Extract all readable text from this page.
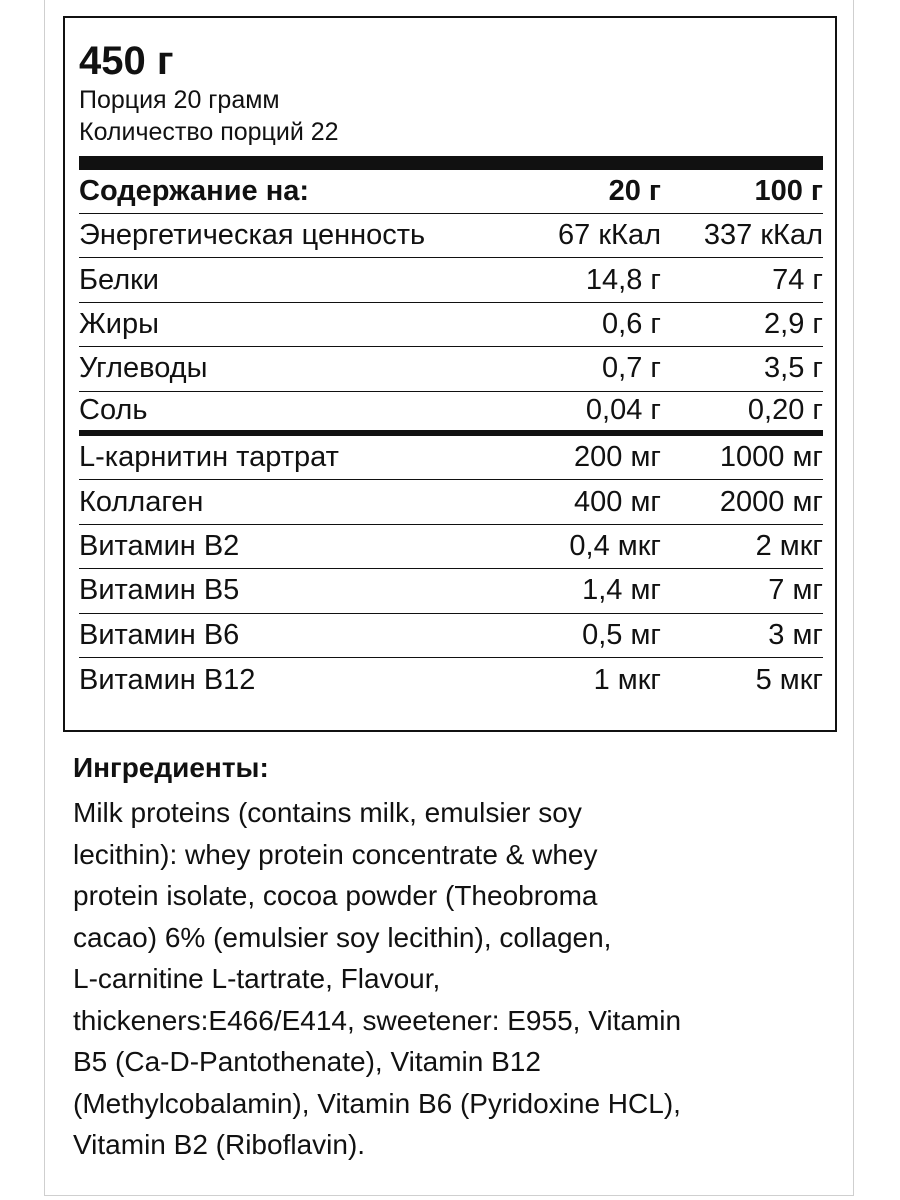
450 г
Порция 20 грамм
Количество порций 22
Содержание на:	20 г	100 г
Энергетическая ценность	67 кКал	337 кКал
Белки	14,8 г	74 г
Жиры	0,6 г	2,9 г
Углеводы	0,7 г	3,5 г
Соль	0,04 г	0,20 г
L-карнитин тартрат	200 мг	1000 мг
Коллаген	400 мг	2000 мг
Витамин В2	0,4 мкг	2 мкг
Витамин В5	1,4 мг	7 мг
Витамин В6	0,5 мг	3 мг
Витамин В12	1 мкг	5 мкг
Ингредиенты:
Milk proteins (contains milk, emulsier soy
lecithin): whey protein concentrate & whey
protein isolate, cocoa powder (Theobroma
cacao) 6% (emulsier soy lecithin), collagen,
L-carnitine L-tartrate, Flavour,
thickeners:E466/E414, sweetener: E955, Vitamin
B5 (Ca-D-Pantothenate), Vitamin B12
(Methylcobalamin), Vitamin B6 (Pyridoxine HCL),
Vitamin B2 (Riboflavin).
